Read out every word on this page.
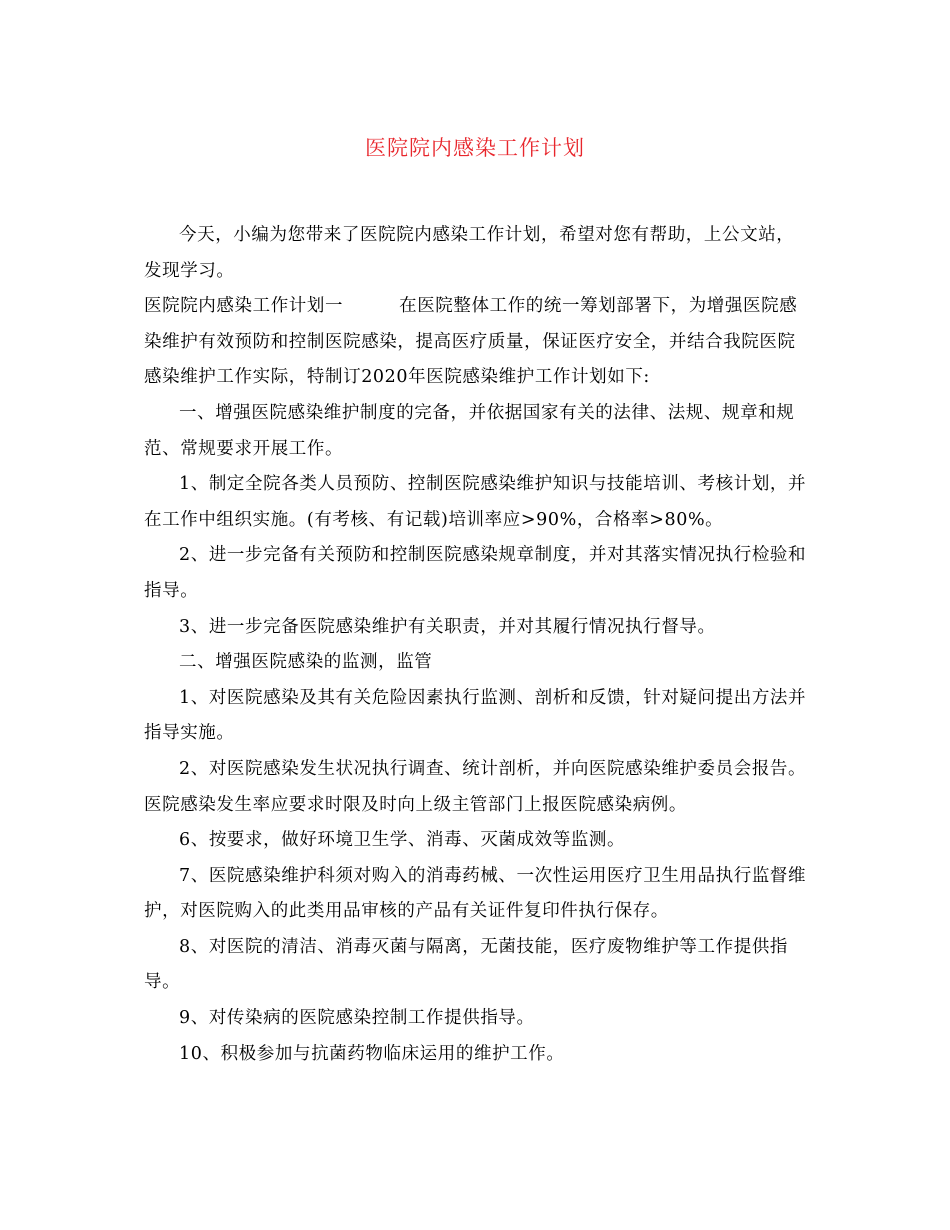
医院院内感染工作计划

今天，小编为您带来了医院院内感染工作计划，希望对您有帮助，上公文站，发现学习。

医院院内感染工作计划一	在医院整体工作的统一筹划部署下，为增强医院感染维护有效预防和控制医院感染，提高医疗质量，保证医疗安全，并结合我院医院感染维护工作实际，特制订2020年医院感染维护工作计划如下:

一、增强医院感染维护制度的完备，并依据国家有关的法律、法规、规章和规范、常规要求开展工作。

1、制定全院各类人员预防、控制医院感染维护知识与技能培训、考核计划，并在工作中组织实施。(有考核、有记载)培训率应>90%，合格率>80%。

2、进一步完备有关预防和控制医院感染规章制度，并对其落实情况执行检验和指导。

3、进一步完备医院感染维护有关职责，并对其履行情况执行督导。

二、增强医院感染的监测，监管

1、对医院感染及其有关危险因素执行监测、剖析和反馈，针对疑问提出方法并指导实施。

2、对医院感染发生状况执行调查、统计剖析，并向医院感染维护委员会报告。医院感染发生率应要求时限及时向上级主管部门上报医院感染病例。

6、按要求，做好环境卫生学、消毒、灭菌成效等监测。

7、医院感染维护科须对购入的消毒药械、一次性运用医疗卫生用品执行监督维护，对医院购入的此类用品审核的产品有关证件复印件执行保存。

8、对医院的清洁、消毒灭菌与隔离，无菌技能，医疗废物维护等工作提供指导。

9、对传染病的医院感染控制工作提供指导。

10、积极参加与抗菌药物临床运用的维护工作。
